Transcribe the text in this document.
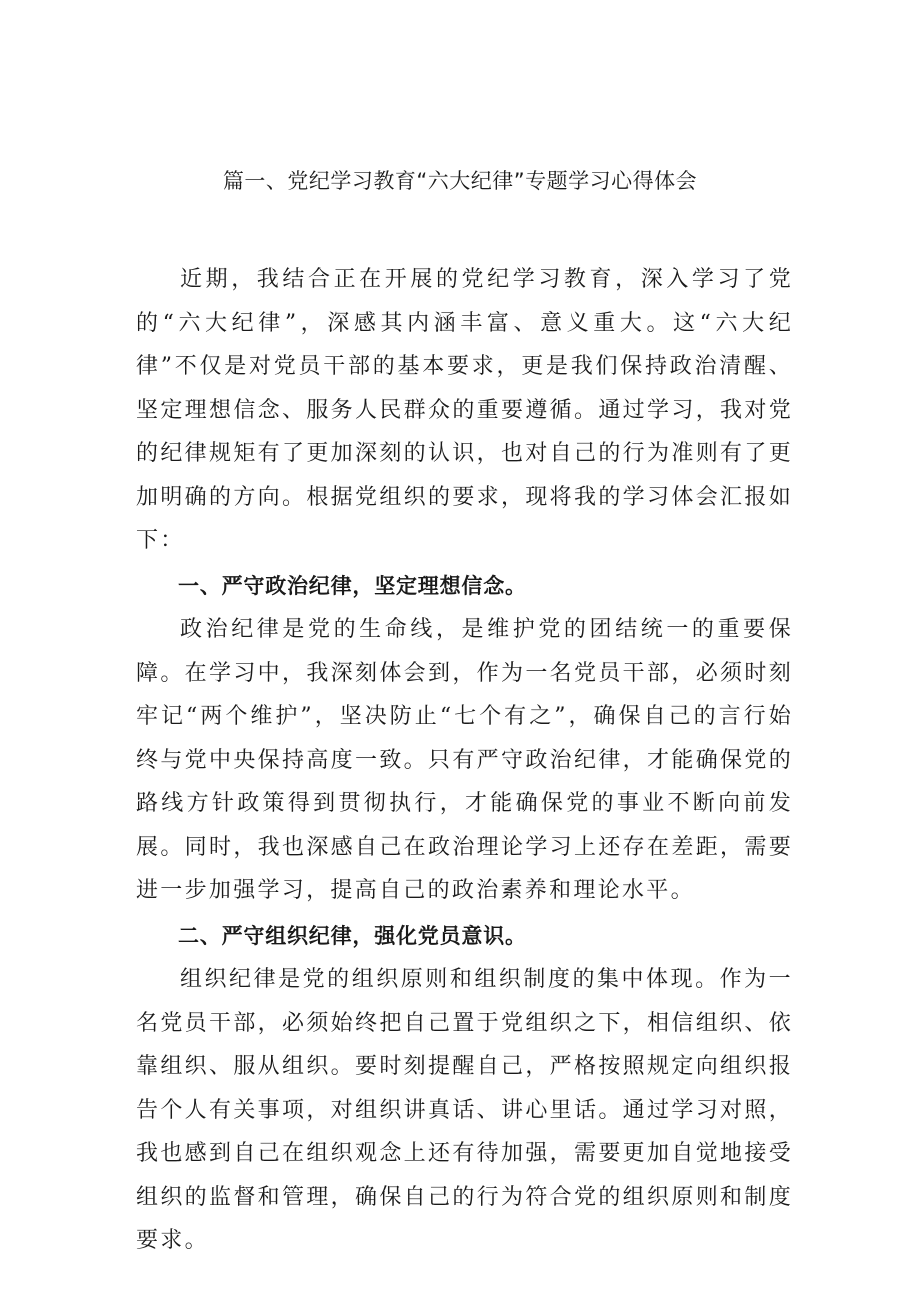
篇一、党纪学习教育“六大纪律”专题学习心得体会

近期，我结合正在开展的党纪学习教育，深入学习了党的“六大纪律”，深感其内涵丰富、意义重大。这“六大纪律”不仅是对党员干部的基本要求，更是我们保持政治清醒、坚定理想信念、服务人民群众的重要遵循。通过学习，我对党的纪律规矩有了更加深刻的认识，也对自己的行为准则有了更加明确的方向。根据党组织的要求，现将我的学习体会汇报如下：

一、严守政治纪律，坚定理想信念。

政治纪律是党的生命线，是维护党的团结统一的重要保障。在学习中，我深刻体会到，作为一名党员干部，必须时刻牢记“两个维护”，坚决防止“七个有之”，确保自己的言行始终与党中央保持高度一致。只有严守政治纪律，才能确保党的路线方针政策得到贯彻执行，才能确保党的事业不断向前发展。同时，我也深感自己在政治理论学习上还存在差距，需要进一步加强学习，提高自己的政治素养和理论水平。

二、严守组织纪律，强化党员意识。

组织纪律是党的组织原则和组织制度的集中体现。作为一名党员干部，必须始终把自己置于党组织之下，相信组织、依靠组织、服从组织。要时刻提醒自己，严格按照规定向组织报告个人有关事项，对组织讲真话、讲心里话。通过学习对照，我也感到自己在组织观念上还有待加强，需要更加自觉地接受组织的监督和管理，确保自己的行为符合党的组织原则和制度要求。
